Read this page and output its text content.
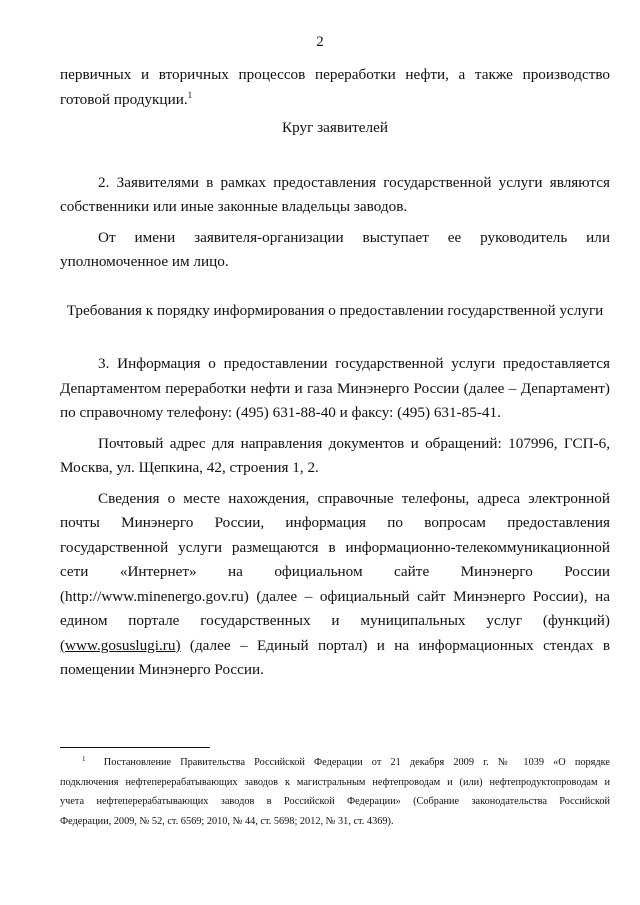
2
первичных и вторичных процессов переработки нефти, а также производство
готовой продукции.$^1$
Круг заявителей
2. Заявителями в рамках предоставления государственной услуги являются
собственники или иные законные владельцы заводов.
От имени заявителя-организации выступает ее руководитель или
уполномоченное им лицо.
Требования к порядку информирования о предоставлении государственной услуги
3. Информация о предоставлении государственной услуги предоставляется
Департаментом переработки нефти и газа Минэнерго России (далее – Департамент)
по справочному телефону: (495) 631-88-40 и факсу: (495) 631-85-41.
Почтовый адрес для направления документов и обращений: 107996, ГСП-6,
Москва, ул. Щепкина, 42, строения 1, 2.
Сведения о месте нахождения, справочные телефоны, адреса электронной
почты Минэнерго России, информация по вопросам предоставления
государственной услуги размещаются в информационно-телекоммуникационной
сети «Интернет» на официальном сайте Минэнерго России
(http://www.minenergo.gov.ru) (далее – официальный сайт Минэнерго России), на
едином портале государственных и муниципальных услуг (функций)
(www.gosuslugi.ru) (далее – Единый портал) и на информационных стендах в
помещении Минэнерго России.
$^1$ Постановление Правительства Российской Федерации от 21 декабря 2009 г. № 1039 «О порядке
подключения нефтеперерабатывающих заводов к магистральным нефтепроводам и (или) нефтепродуктопроводам и
учета нефтеперерабатывающих заводов в Российской Федерации» (Собрание законодательства Российской
Федерации, 2009, № 52, ст. 6569; 2010, № 44, ст. 5698; 2012, № 31, ст. 4369).
